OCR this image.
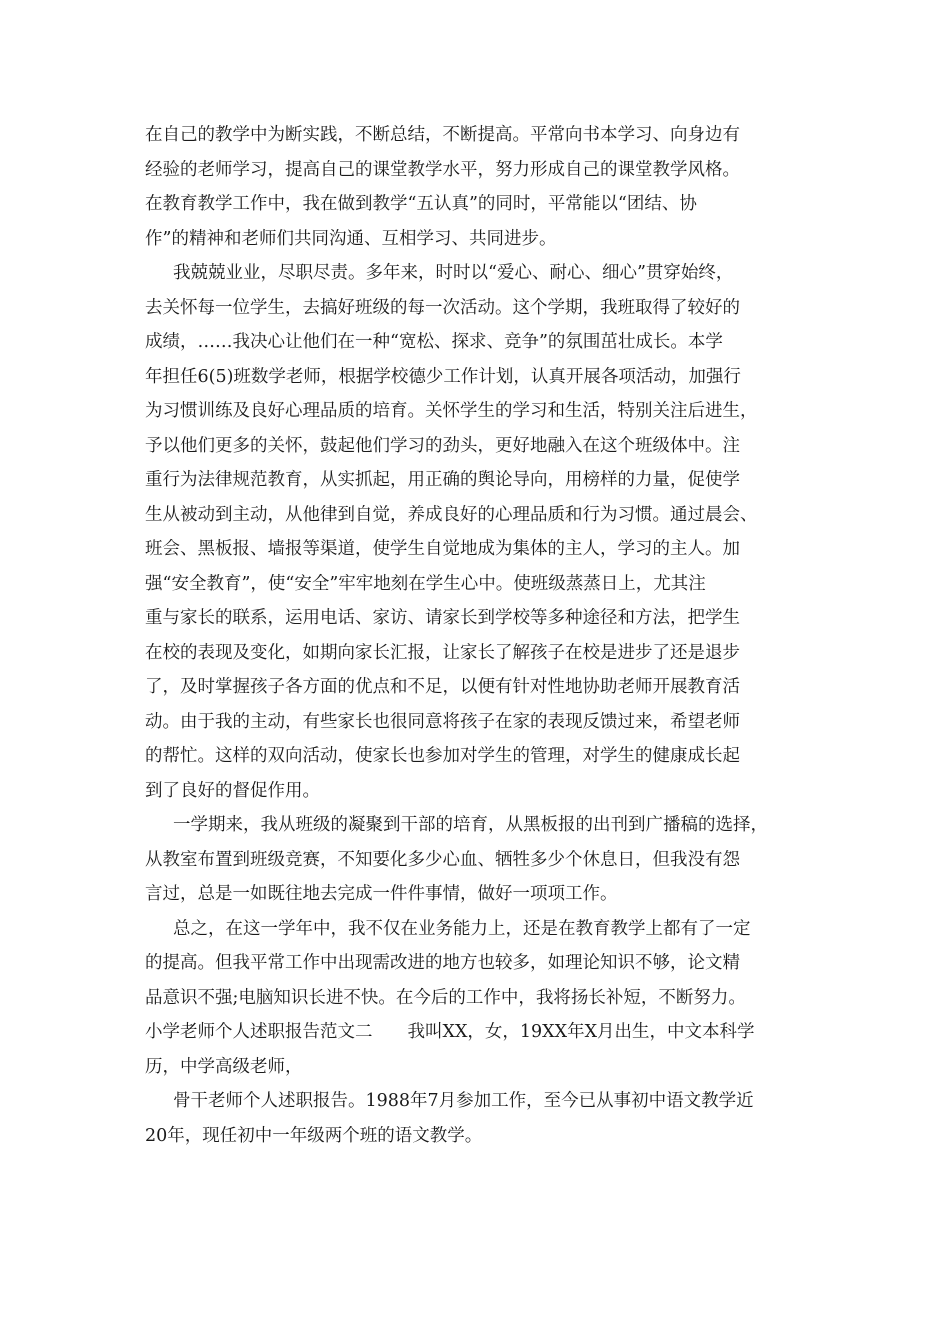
在自己的教学中为断实践，不断总结，不断提高。平常向书本学习、向身边有
经验的老师学习，提高自己的课堂教学水平，努力形成自己的课堂教学风格。
在教育教学工作中，我在做到教学“五认真”的同时，平常能以“团结、协
作”的精神和老师们共同沟通、互相学习、共同进步。
我兢兢业业，尽职尽责。多年来，时时以“爱心、耐心、细心”贯穿始终，
去关怀每一位学生，去搞好班级的每一次活动。这个学期，我班取得了较好的
成绩，……我决心让他们在一种“宽松、探求、竞争”的氛围茁壮成长。本学
年担任6(5)班数学老师，根据学校德少工作计划，认真开展各项活动，加强行
为习惯训练及良好心理品质的培育。关怀学生的学习和生活，特别关注后进生，
予以他们更多的关怀，鼓起他们学习的劲头，更好地融入在这个班级体中。注
重行为法律规范教育，从实抓起，用正确的舆论导向，用榜样的力量，促使学
生从被动到主动，从他律到自觉，养成良好的心理品质和行为习惯。通过晨会、
班会、黑板报、墙报等渠道，使学生自觉地成为集体的主人，学习的主人。加
强“安全教育”，使“安全”牢牢地刻在学生心中。使班级蒸蒸日上，尤其注
重与家长的联系，运用电话、家访、请家长到学校等多种途径和方法，把学生
在校的表现及变化，如期向家长汇报，让家长了解孩子在校是进步了还是退步
了，及时掌握孩子各方面的优点和不足，以便有针对性地协助老师开展教育活
动。由于我的主动，有些家长也很同意将孩子在家的表现反馈过来，希望老师
的帮忙。这样的双向活动，使家长也参加对学生的管理，对学生的健康成长起
到了良好的督促作用。
一学期来，我从班级的凝聚到干部的培育，从黑板报的出刊到广播稿的选择，
从教室布置到班级竞赛，不知要化多少心血、牺牲多少个休息日，但我没有怨
言过，总是一如既往地去完成一件件事情，做好一项项工作。
总之，在这一学年中，我不仅在业务能力上，还是在教育教学上都有了一定
的提高。但我平常工作中出现需改进的地方也较多，如理论知识不够，论文精
品意识不强;电脑知识长进不快。在今后的工作中，我将扬长补短，不断努力。
小学老师个人述职报告范文二　　我叫XX，女，19XX年X月出生，中文本科学
历，中学高级老师，
骨干老师个人述职报告。1988年7月参加工作，至今已从事初中语文教学近
20年，现任初中一年级两个班的语文教学。
